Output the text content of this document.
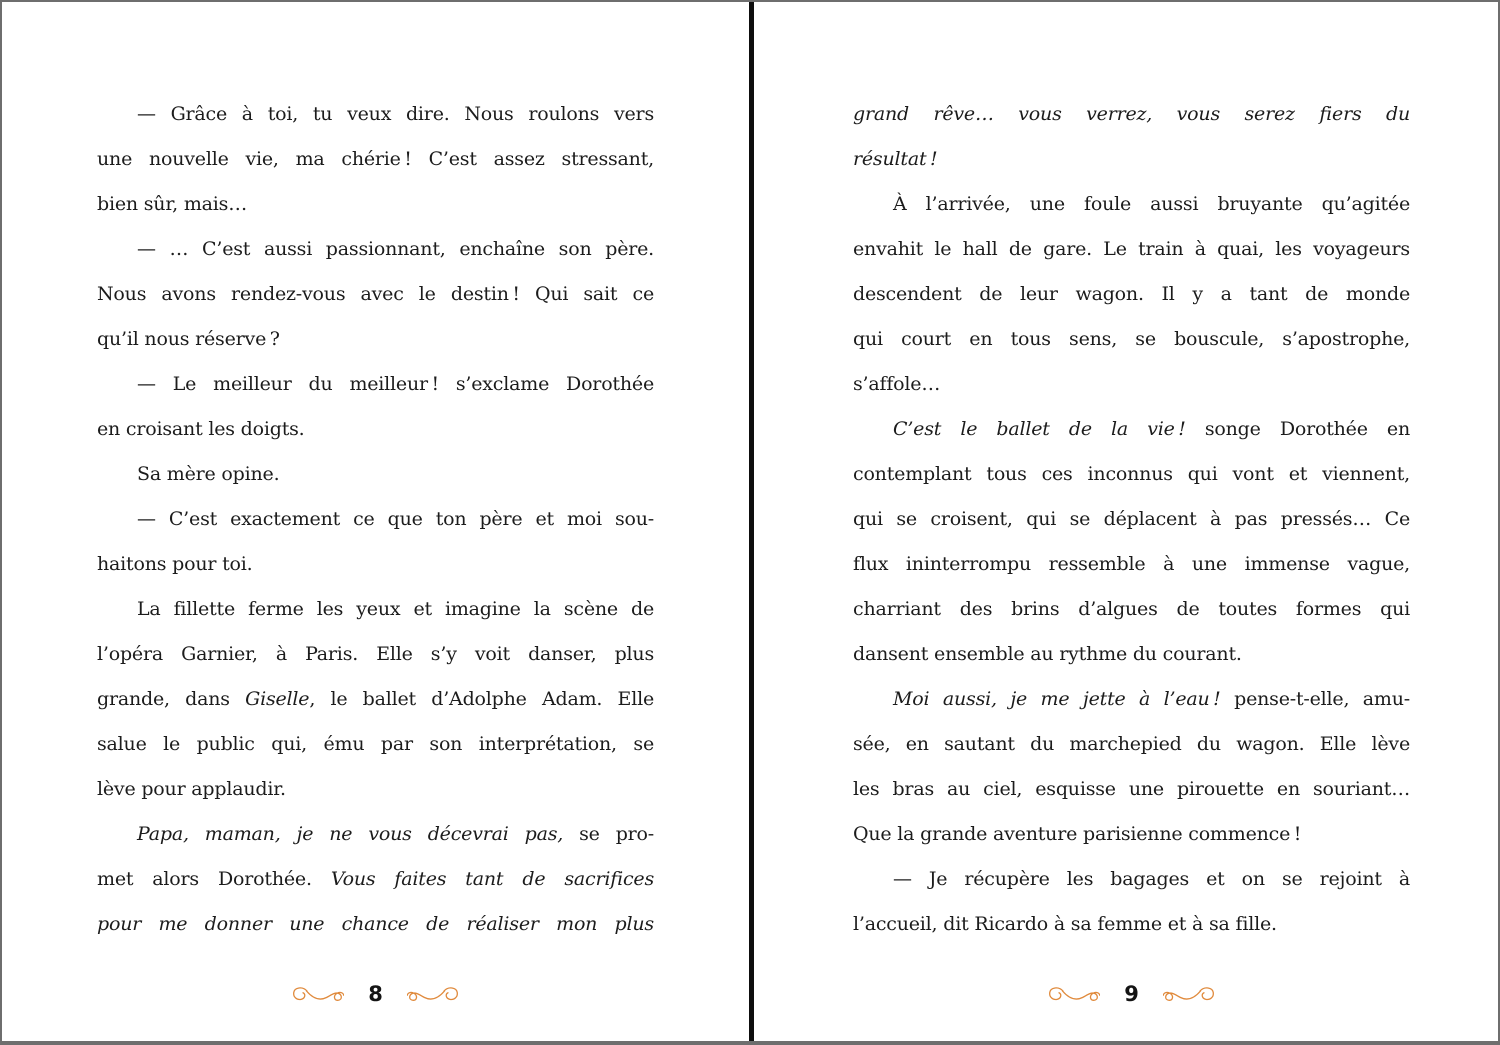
— Grâce à toi, tu veux dire. Nous roulons vers
une nouvelle vie, ma chérie ! C’est assez stressant,
bien sûr, mais…
— … C’est aussi passionnant, enchaîne son père.
Nous avons rendez-vous avec le destin ! Qui sait ce
qu’il nous réserve ?
— Le meilleur du meilleur ! s’exclame Dorothée
en croisant les doigts.
Sa mère opine.
— C’est exactement ce que ton père et moi sou-
haitons pour toi.
La fillette ferme les yeux et imagine la scène de
l’opéra Garnier, à Paris. Elle s’y voit danser, plus
grande, dans Giselle, le ballet d’Adolphe Adam. Elle
salue le public qui, ému par son interprétation, se
lève pour applaudir.
Papa, maman, je ne vous décevrai pas, se pro-
met alors Dorothée. Vous faites tant de sacrifices
pour me donner une chance de réaliser mon plus
8
grand rêve… vous verrez, vous serez fiers du
résultat !
À l’arrivée, une foule aussi bruyante qu’agitée
envahit le hall de gare. Le train à quai, les voyageurs
descendent de leur wagon. Il y a tant de monde
qui court en tous sens, se bouscule, s’apostrophe,
s’affole…
C’est le ballet de la vie ! songe Dorothée en
contemplant tous ces inconnus qui vont et viennent,
qui se croisent, qui se déplacent à pas pressés… Ce
flux ininterrompu ressemble à une immense vague,
charriant des brins d’algues de toutes formes qui
dansent ensemble au rythme du courant.
Moi aussi, je me jette à l’eau ! pense-t-elle, amu-
sée, en sautant du marchepied du wagon. Elle lève
les bras au ciel, esquisse une pirouette en souriant…
Que la grande aventure parisienne commence !
— Je récupère les bagages et on se rejoint à
l’accueil, dit Ricardo à sa femme et à sa fille.
9
